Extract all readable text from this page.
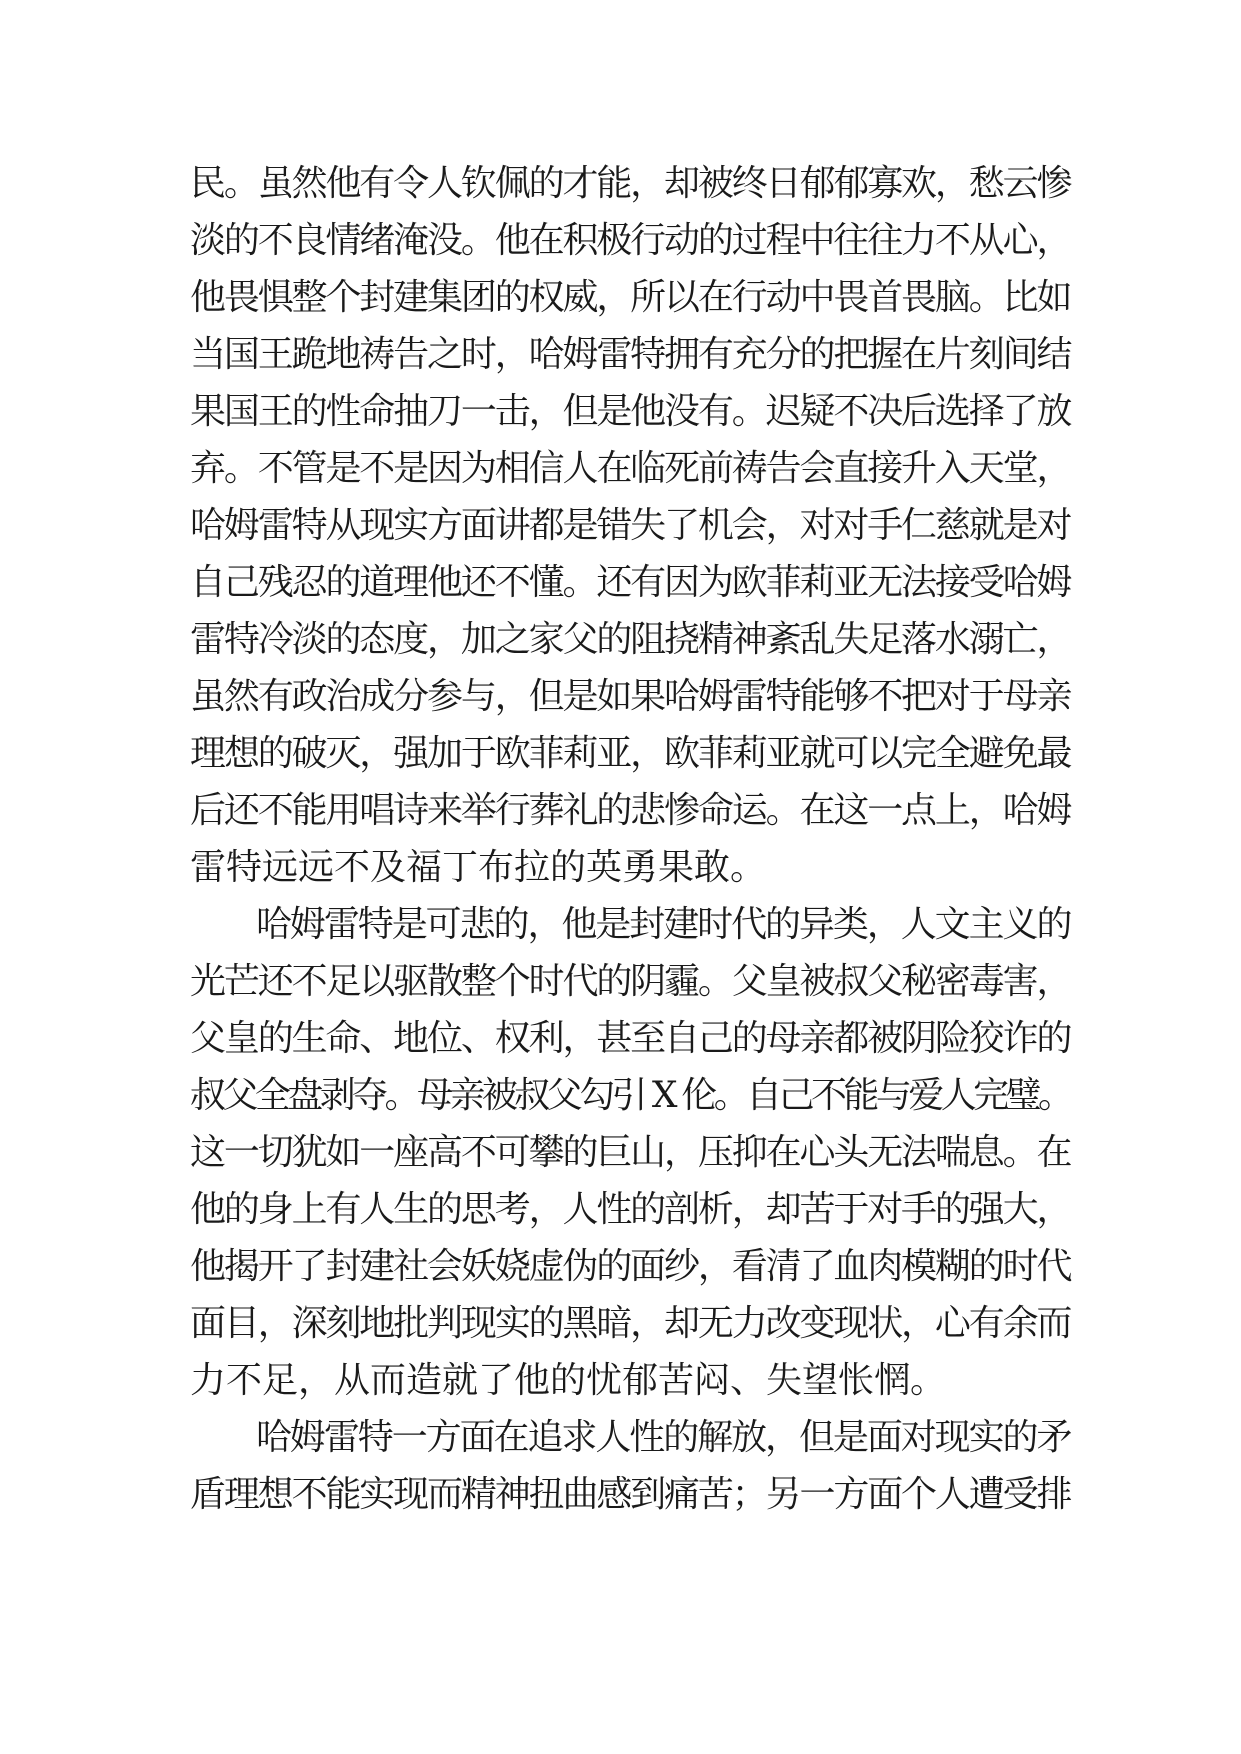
民。虽然他有令人钦佩的才能，却被终日郁郁寡欢，愁云惨
淡的不良情绪淹没。他在积极行动的过程中往往力不从心，
他畏惧整个封建集团的权威，所以在行动中畏首畏脑。比如
当国王跪地祷告之时，哈姆雷特拥有充分的把握在片刻间结
果国王的性命抽刀一击，但是他没有。迟疑不决后选择了放
弃。不管是不是因为相信人在临死前祷告会直接升入天堂，
哈姆雷特从现实方面讲都是错失了机会，对对手仁慈就是对
自己残忍的道理他还不懂。还有因为欧菲莉亚无法接受哈姆
雷特冷淡的态度，加之家父的阻挠精神紊乱失足落水溺亡，
虽然有政治成分参与，但是如果哈姆雷特能够不把对于母亲
理想的破灭，强加于欧菲莉亚，欧菲莉亚就可以完全避免最
后还不能用唱诗来举行葬礼的悲惨命运。在这一点上，哈姆
雷特远远不及福丁布拉的英勇果敢。
哈姆雷特是可悲的，他是封建时代的异类，人文主义的
光芒还不足以驱散整个时代的阴霾。父皇被叔父秘密毒害，
父皇的生命、地位、权利，甚至自己的母亲都被阴险狡诈的
叔父全盘剥夺。母亲被叔父勾引 X 伦。自己不能与爱人完璧。
这一切犹如一座高不可攀的巨山，压抑在心头无法喘息。在
他的身上有人生的思考，人性的剖析，却苦于对手的强大，
他揭开了封建社会妖娆虚伪的面纱，看清了血肉模糊的时代
面目，深刻地批判现实的黑暗，却无力改变现状，心有余而
力不足，从而造就了他的忧郁苦闷、失望怅惘。
哈姆雷特一方面在追求人性的解放，但是面对现实的矛
盾理想不能实现而精神扭曲感到痛苦；另一方面个人遭受排
